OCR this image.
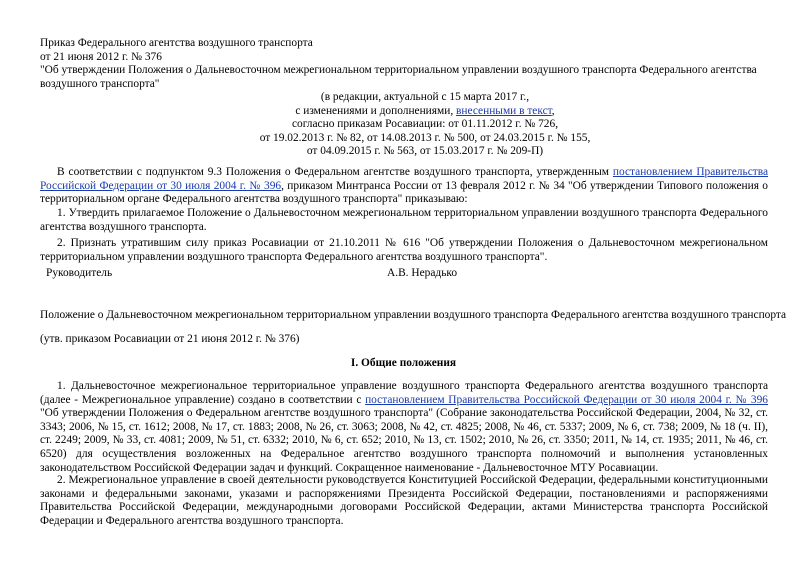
Приказ Федерального агентства воздушного транспорта
от 21 июня 2012 г. № 376
"Об утверждении Положения о Дальневосточном межрегиональном территориальном управлении воздушного транспорта Федерального агентства
воздушного транспорта"
(в редакции, актуальной с 15 марта 2017 г.,
с изменениями и дополнениями, внесенными в текст,
согласно приказам Росавиации: от 01.11.2012 г. № 726,
от 19.02.2013 г. № 82, от 14.08.2013 г. № 500, от 24.03.2015 г. № 155,
от 04.09.2015 г. № 563, от 15.03.2017 г. № 209-П)
В соответствии с подпунктом 9.3 Положения о Федеральном агентстве воздушного транспорта, утвержденным постановлением Правительства Российской Федерации от 30 июля 2004 г. № 396, приказом Минтранса России от 13 февраля 2012 г. № 34 "Об утверждении Типового положения о территориальном органе Федерального агентства воздушного транспорта" приказываю:
1. Утвердить прилагаемое Положение о Дальневосточном межрегиональном территориальном управлении воздушного транспорта Федерального агентства воздушного транспорта.
2. Признать утратившим силу приказ Росавиации от 21.10.2011 № 616 "Об утверждении Положения о Дальневосточном межрегиональном территориальном управлении воздушного транспорта Федерального агентства воздушного транспорта".
Руководитель	А.В. Нерадько
Положение о Дальневосточном межрегиональном территориальном управлении воздушного транспорта Федерального агентства воздушного транспорта
(утв. приказом Росавиации от 21 июня 2012 г. № 376)
I. Общие положения
1. Дальневосточное межрегиональное территориальное управление воздушного транспорта Федерального агентства воздушного транспорта (далее - Межрегиональное управление) создано в соответствии с постановлением Правительства Российской Федерации от 30 июля 2004 г. № 396 "Об утверждении Положения о Федеральном агентстве воздушного транспорта" (Собрание законодательства Российской Федерации, 2004, № 32, ст. 3343; 2006, № 15, ст. 1612; 2008, № 17, ст. 1883; 2008, № 26, ст. 3063; 2008, № 42, ст. 4825; 2008, № 46, ст. 5337; 2009, № 6, ст. 738; 2009, № 18 (ч. II), ст. 2249; 2009, № 33, ст. 4081; 2009, № 51, ст. 6332; 2010, № 6, ст. 652; 2010, № 13, ст. 1502; 2010, № 26, ст. 3350; 2011, № 14, ст. 1935; 2011, № 46, ст. 6520) для осуществления возложенных на Федеральное агентство воздушного транспорта полномочий и выполнения установленных законодательством Российской Федерации задач и функций. Сокращенное наименование - Дальневосточное МТУ Росавиации.
2. Межрегиональное управление в своей деятельности руководствуется Конституцией Российской Федерации, федеральными конституционными законами и федеральными законами, указами и распоряжениями Президента Российской Федерации, постановлениями и распоряжениями Правительства Российской Федерации, международными договорами Российской Федерации, актами Министерства транспорта Российской Федерации и Федерального агентства воздушного транспорта.
